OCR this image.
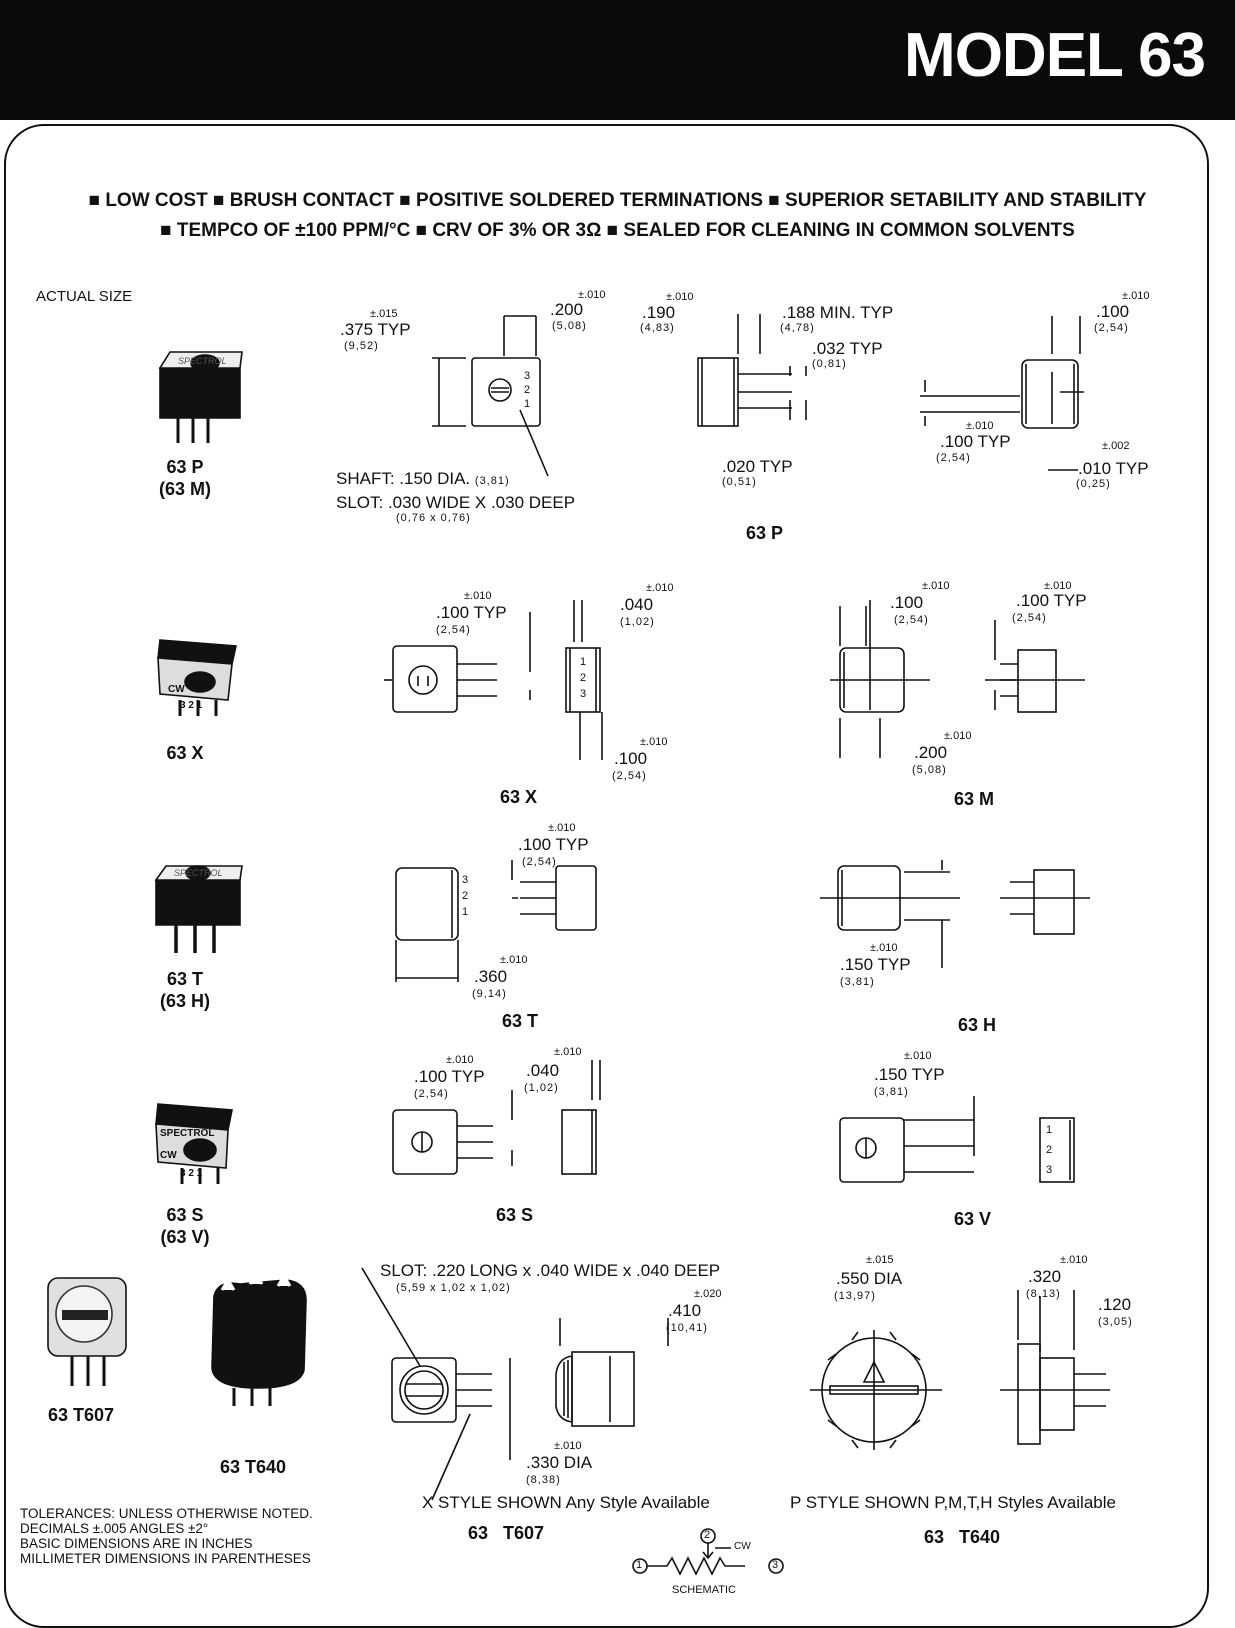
MODEL 63
■ LOW COST ■ BRUSH CONTACT ■ POSITIVE SOLDERED TERMINATIONS ■ SUPERIOR SETABILITY AND STABILITY
■ TEMPCO OF ±100 PPM/°C ■ CRV OF 3% OR 3Ω ■ SEALED FOR CLEANING IN COMMON SOLVENTS
ACTUAL SIZE
63 P
(63 M)
63 X
63 T
(63 H)
63 S
(63 V)
63 T607
63 T640
SPECTROL
SPECTROL
CW
3 2 1
SPECTROL
SPECTROL
CW
3 2 1
±.015
.375 TYP
(9,52)
±.010
.200
(5,08)
±.010
.190
(4,83)
.188 MIN. TYP
(4,78)
.032 TYP
(0,81)
.020 TYP
(0,51)
±.010
.100
(2,54)
±.010
.100 TYP
(2,54)
±.002
.010 TYP
(0,25)
SHAFT: .150 DIA. (3,81)
SLOT: .030 WIDE X .030 DEEP
(0,76 x 0,76)
63 P
±.010
.100 TYP
(2,54)
±.010
.040
(1,02)
±.010
.100
(2,54)
63 X
±.010
.100
(2,54)
±.010
.100 TYP
(2,54)
±.010
.200
(5,08)
63 M
±.010
.100 TYP
(2,54)
±.010
.360
(9,14)
63 T
±.010
.150 TYP
(3,81)
63 H
±.010
.100 TYP
(2,54)
±.010
.040
(1,02)
63 S
±.010
.150 TYP
(3,81)
63 V
SLOT: .220 LONG x .040 WIDE x .040 DEEP
(5,59 x 1,02 x 1,02)	±.020
.410
(10,41)
±.010
.330 DIA
(8,38)
X STYLE SHOWN Any Style Available
63   T607
±.015
.550 DIA
(13,97)
±.010
.320
(8,13)
.120
(3,05)
P STYLE SHOWN P,M,T,H Styles Available
63   T640
2
1	3
CW
SCHEMATIC
1
2
3
1
2
3
3
2
1
1
2
3
TOLERANCES: UNLESS OTHERWISE NOTED.
DECIMALS ±.005 ANGLES ±2°
BASIC DIMENSIONS ARE IN INCHES
MILLIMETER DIMENSIONS IN PARENTHESES
